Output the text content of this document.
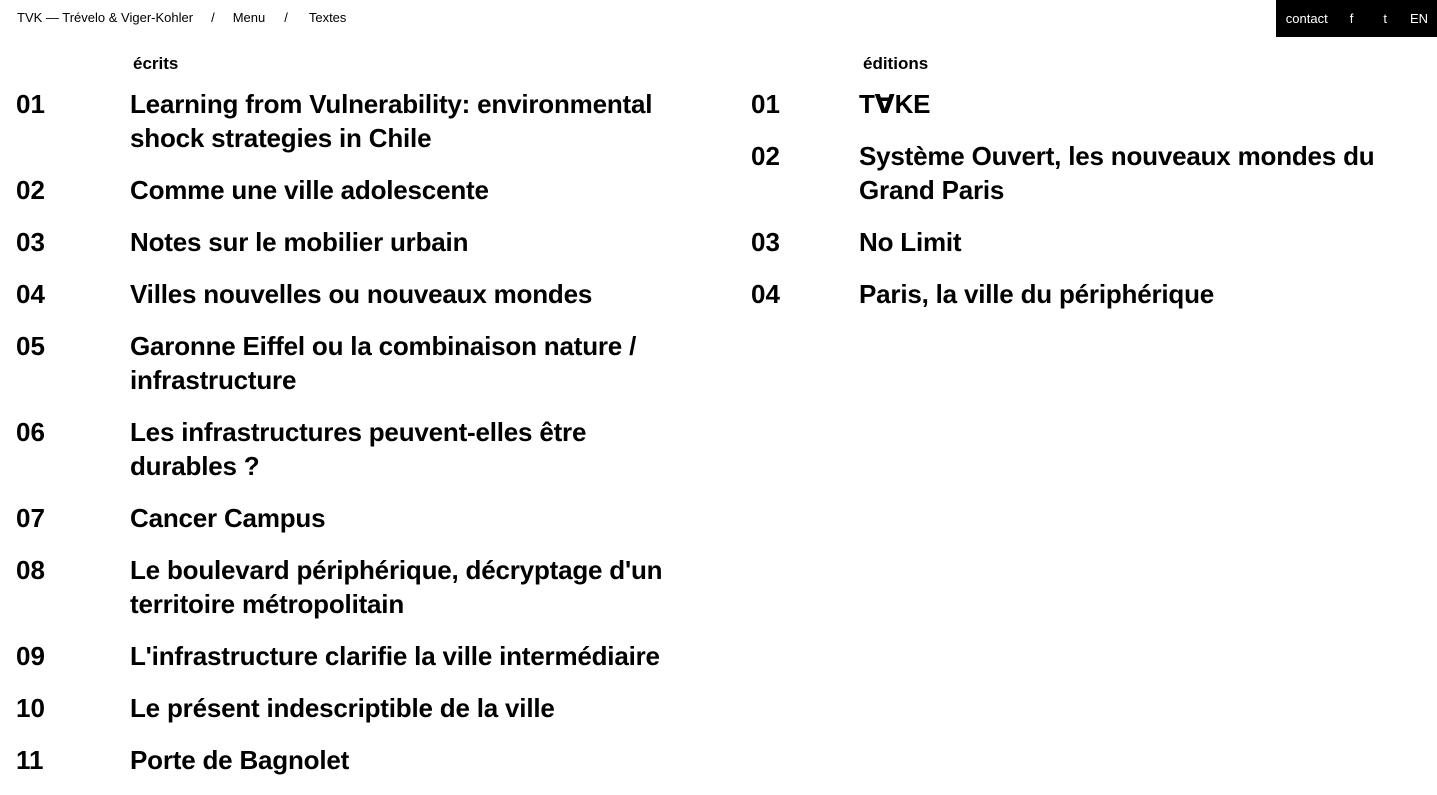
TVK — Trévelo & Viger-Kohler / Menu / Textes	contact f t EN
écrits
01	Learning from Vulnerability: environmental shock strategies in Chile
02	Comme une ville adolescente
03	Notes sur le mobilier urbain
04	Villes nouvelles ou nouveaux mondes
05	Garonne Eiffel ou la combinaison nature / infrastructure
06	Les infrastructures peuvent-elles être durables ?
07	Cancer Campus
08	Le boulevard périphérique, décryptage d'un territoire métropolitain
09	L'infrastructure clarifie la ville intermédiaire
10	Le présent indescriptible de la ville
11	Porte de Bagnolet
éditions
01	T∀KE
02	Système Ouvert, les nouveaux mondes du Grand Paris
03	No Limit
04	Paris, la ville du périphérique
